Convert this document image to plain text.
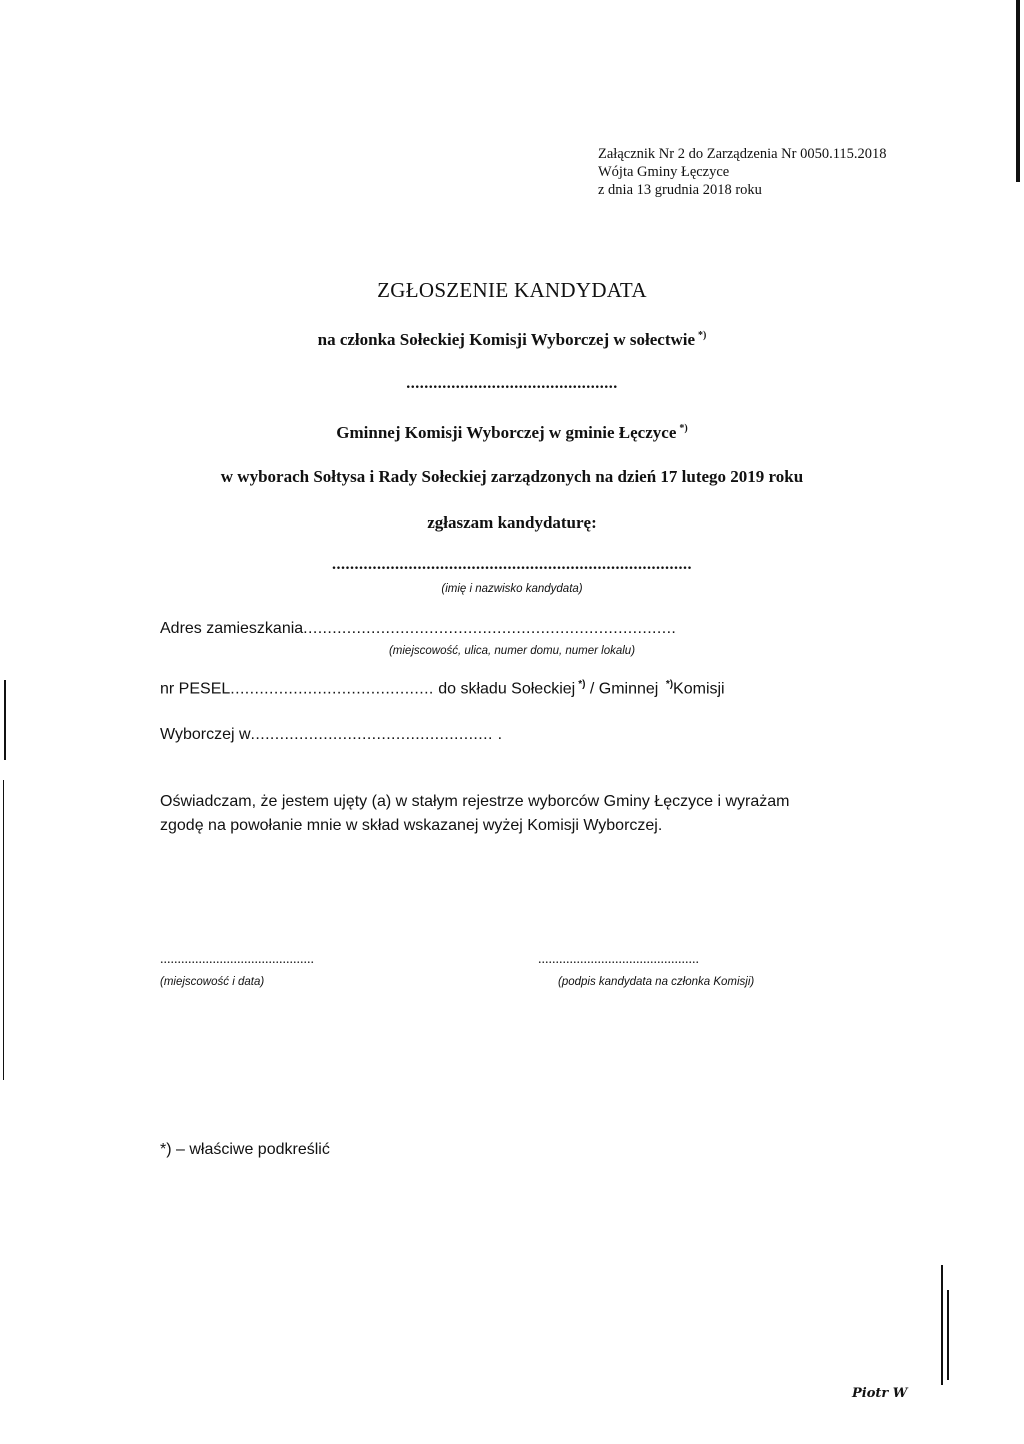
Załącznik Nr 2 do Zarządzenia Nr 0050.115.2018
Wójta Gminy Łęczyce
z dnia 13 grudnia 2018 roku
ZGŁOSZENIE KANDYDATA
na członka Sołeckiej Komisji Wyborczej w sołectwie *)
...............................................
Gminnej Komisji Wyborczej w gminie Łęczyce *)
w wyborach Sołtysa i Rady Sołeckiej zarządzonych na dzień 17 lutego 2019 roku
zgłaszam kandydaturę:
................................................................................
(imię i nazwisko kandydata)
Adres zamieszkania.............................................................................
(miejscowość, ulica, numer domu, numer lokalu)
nr PESEL.......................................... do składu Sołeckiej *) / Gminnej *)Komisji
Wyborczej w.................................................. .
Oświadczam, że jestem ujęty (a) w stałym rejestrze wyborców Gminy Łęczyce i wyrażam
zgodę na powołanie mnie w skład wskazanej wyżej Komisji Wyborczej.
............................................
(miejscowość i data)
..............................................
(podpis kandydata na członka Komisji)
*) – właściwe podkreślić
Piotr W
